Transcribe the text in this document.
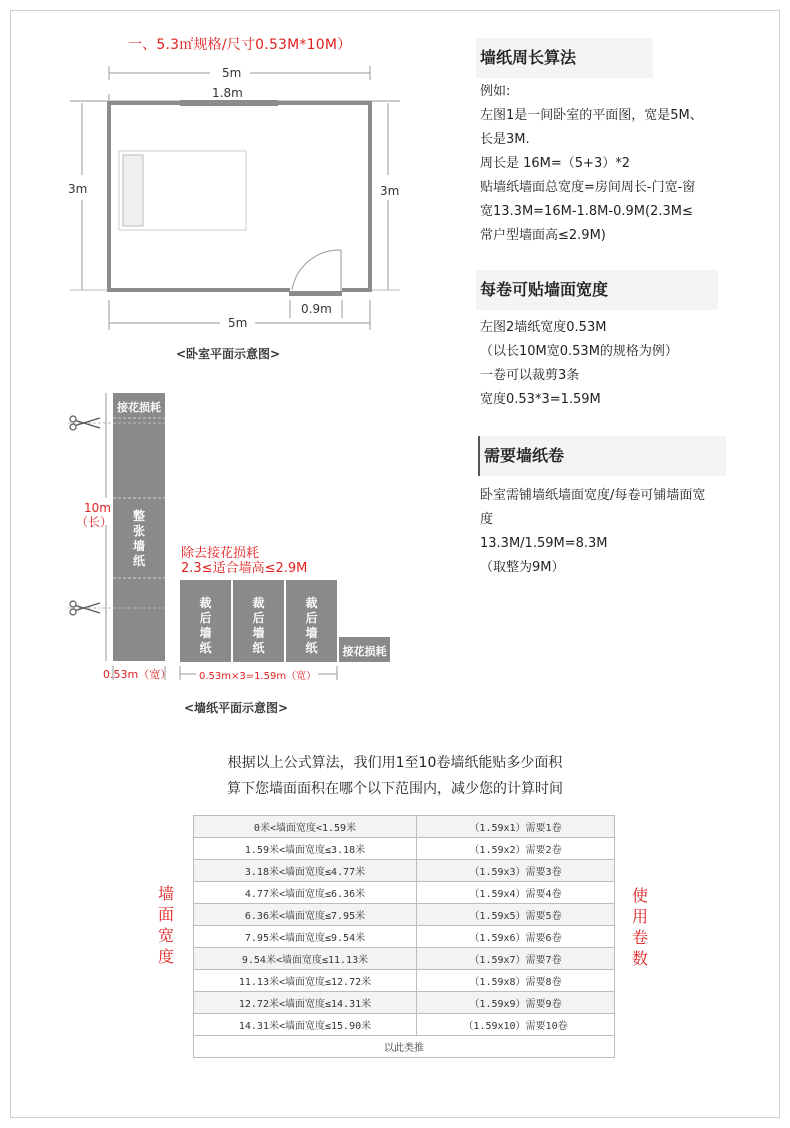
一、5.3㎡规格/尺寸0.53M*10M）
5m
1.8m
3m	3m
0.9m
5m
<卧室平面示意图>
接花损耗
接花损耗
整张墙纸
10m
（长）
0.53m（宽）
除去接花损耗
2.3≤适合墙高≤2.9M
裁后墙纸
裁后墙纸
裁后墙纸
0.53m×3=1.59m（宽）
<墙纸平面示意图>
墙纸周长算法
例如:
左图1是一间卧室的平面图，宽是5M、
长是3M.
周长是 16M=（5+3）*2
贴墙纸墙面总宽度=房间周长-门宽-窗
宽13.3M=16M-1.8M-0.9M(2.3M≤
常户型墙面高≤2.9M)
每卷可贴墙面宽度
左图2墙纸宽度0.53M
（以长10M宽0.53M的规格为例）
一卷可以裁剪3条
宽度0.53*3=1.59M
需要墙纸卷
卧室需铺墙纸墙面宽度/每卷可铺墙面宽
度
13.3M/1.59M=8.3M
（取整为9M）
根据以上公式算法，我们用1至10卷墙纸能贴多少面积
算下您墙面面积在哪个以下范围内，减少您的计算时间
墙
面
宽
度
使
用
卷
数
0米<墙面宽度<1.59米	（1.59x1）需要1卷
1.59米<墙面宽度≤3.18米	（1.59x2）需要2卷
3.18米<墙面宽度≤4.77米	（1.59x3）需要3卷
4.77米<墙面宽度≤6.36米	（1.59x4）需要4卷
6.36米<墙面宽度≤7.95米	（1.59x5）需要5卷
7.95米<墙面宽度≤9.54米	（1.59x6）需要6卷
9.54米<墙面宽度≤11.13米	（1.59x7）需要7卷
11.13米<墙面宽度≤12.72米	（1.59x8）需要8卷
12.72米<墙面宽度≤14.31米	（1.59x9）需要9卷
14.31米<墙面宽度≤15.90米	（1.59x10）需要10卷
以此类推	
